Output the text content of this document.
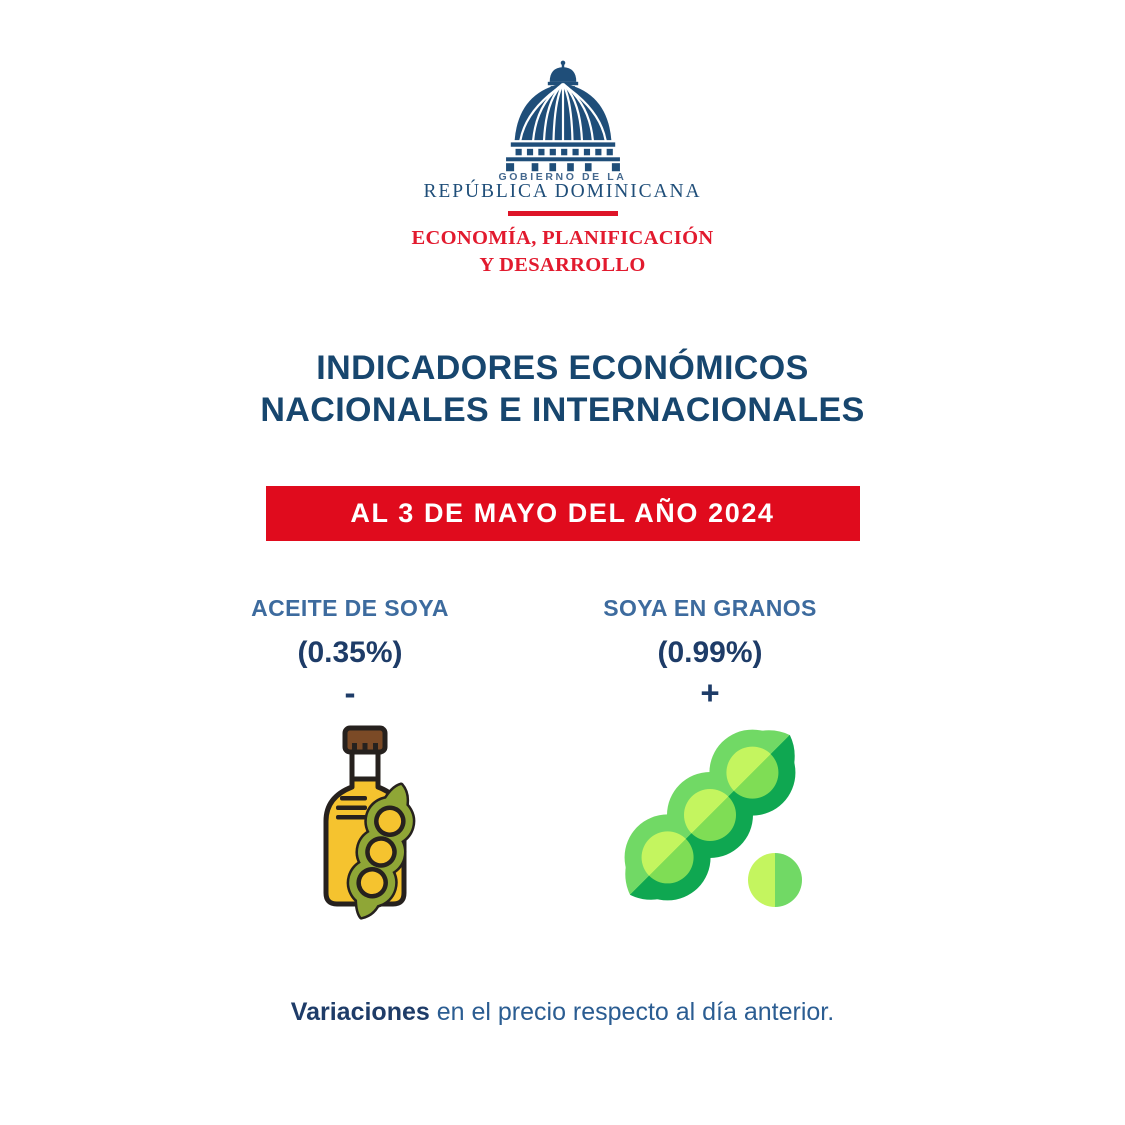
GOBIERNO DE LA
REPÚBLICA DOMINICANA
ECONOMÍA, PLANIFICACIÓN
Y DESARROLLO
INDICADORES ECONÓMICOS
NACIONALES E INTERNACIONALES
AL 3 DE MAYO DEL AÑO 2024
ACEITE DE SOYA
(0.35%)
-
SOYA EN GRANOS
(0.99%)
+
Variaciones en el precio respecto al día anterior.
